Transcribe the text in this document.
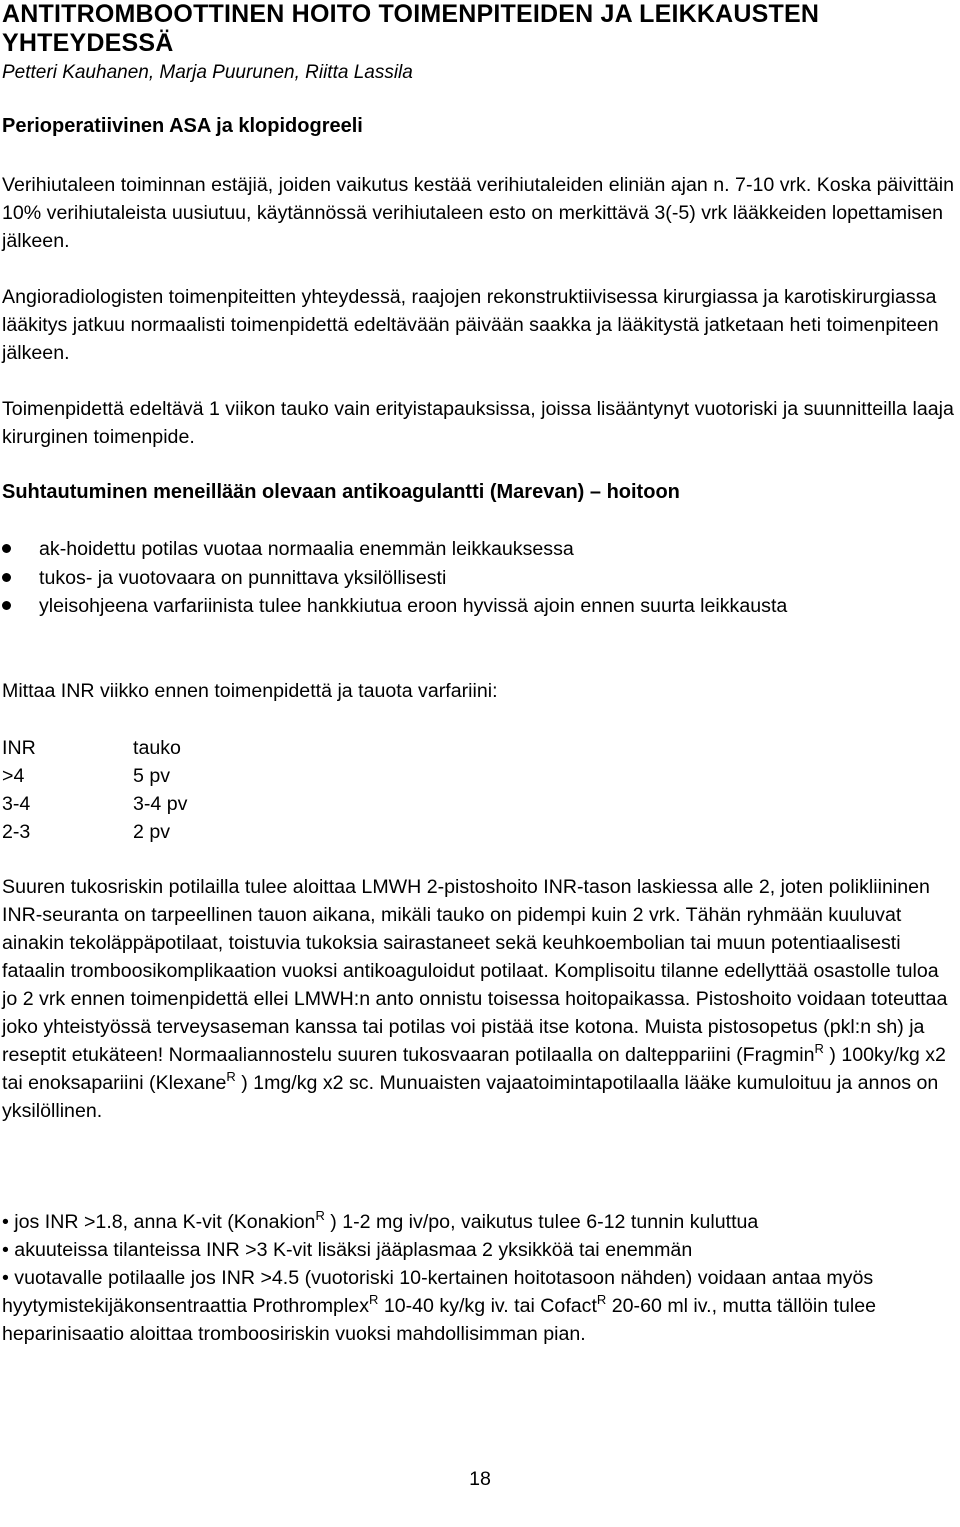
ANTITROMBOOTTINEN HOITO TOIMENPITEIDEN JA LEIKKAUSTEN
YHTEYDESSÄ
Petteri Kauhanen, Marja Puurunen, Riitta Lassila
Perioperatiivinen ASA ja klopidogreeli

Verihiutaleen toiminnan estäjiä, joiden vaikutus kestää verihiutaleiden eliniän ajan n. 7-10 vrk. Koska päivittäin 10% verihiutaleista uusiutuu, käytännössä verihiutaleen esto on merkittävä 3(-5) vrk lääkkeiden lopettamisen jälkeen.

Angioradiologisten toimenpiteitten yhteydessä, raajojen rekonstruktiivisessa kirurgiassa ja karotiskirurgiassa lääkitys jatkuu normaalisti toimenpidettä edeltävään päivään saakka ja lääkitystä jatketaan heti toimenpiteen jälkeen.

Toimenpidettä edeltävä 1 viikon tauko vain erityistapauksissa, joissa lisääntynyt vuotoriski ja suunnitteilla laaja kirurginen toimenpide.

Suhtautuminen meneillään olevaan antikoagulantti (Marevan) – hoitoon
ak-hoidettu potilas vuotaa normaalia enemmän leikkauksessa
tukos- ja vuotovaara on punnittava yksilöllisesti
yleisohjeena varfariinista tulee hankkiutua eroon hyvissä ajoin ennen suurta leikkausta

Mittaa INR viikko ennen toimenpidettä ja tauota varfariini:

INR	tauko
>4	5 pv
3-4	3-4 pv
2-3	2 pv

Suuren tukosriskin potilailla tulee aloittaa LMWH 2-pistoshoito INR-tason laskiessa alle 2, joten polikliininen INR-seuranta on tarpeellinen tauon aikana, mikäli tauko on pidempi kuin 2 vrk. Tähän ryhmään kuuluvat ainakin tekoläppäpotilaat, toistuvia tukoksia sairastaneet sekä keuhkoembolian tai muun potentiaalisesti fataalin tromboosikomplikaation vuoksi antikoaguloidut potilaat. Komplisoitu tilanne edellyttää osastolle tuloa jo 2 vrk ennen toimenpidettä ellei LMWH:n anto onnistu toisessa hoitopaikassa. Pistoshoito voidaan toteuttaa joko yhteistyössä terveysaseman kanssa tai potilas voi pistää itse kotona. Muista pistosopetus (pkl:n sh) ja reseptit etukäteen! Normaaliannostelu suuren tukosvaaran potilaalla on dalteppariini (Fragmin$^R$ ) 100ky/kg x2 tai enoksapariini (Klexane$^R$ ) 1mg/kg x2 sc. Munuaisten vajaatoimintapotilaalla lääke kumuloituu ja annos on yksilöllinen.

• jos INR >1.8, anna K-vit (Konakion$^R$ ) 1-2 mg iv/po, vaikutus tulee 6-12 tunnin kuluttua
• akuuteissa tilanteissa INR >3 K-vit lisäksi jääplasmaa 2 yksikköä tai enemmän
• vuotavalle potilaalle jos INR >4.5 (vuotoriski 10-kertainen hoitotasoon nähden) voidaan antaa myös hyytymistekijäkonsentraattia Prothromplex$^R$ 10-40 ky/kg iv. tai Cofact$^R$ 20-60 ml iv., mutta tällöin tulee heparinisaatio aloittaa tromboosiriskin vuoksi mahdollisimman pian.
18
